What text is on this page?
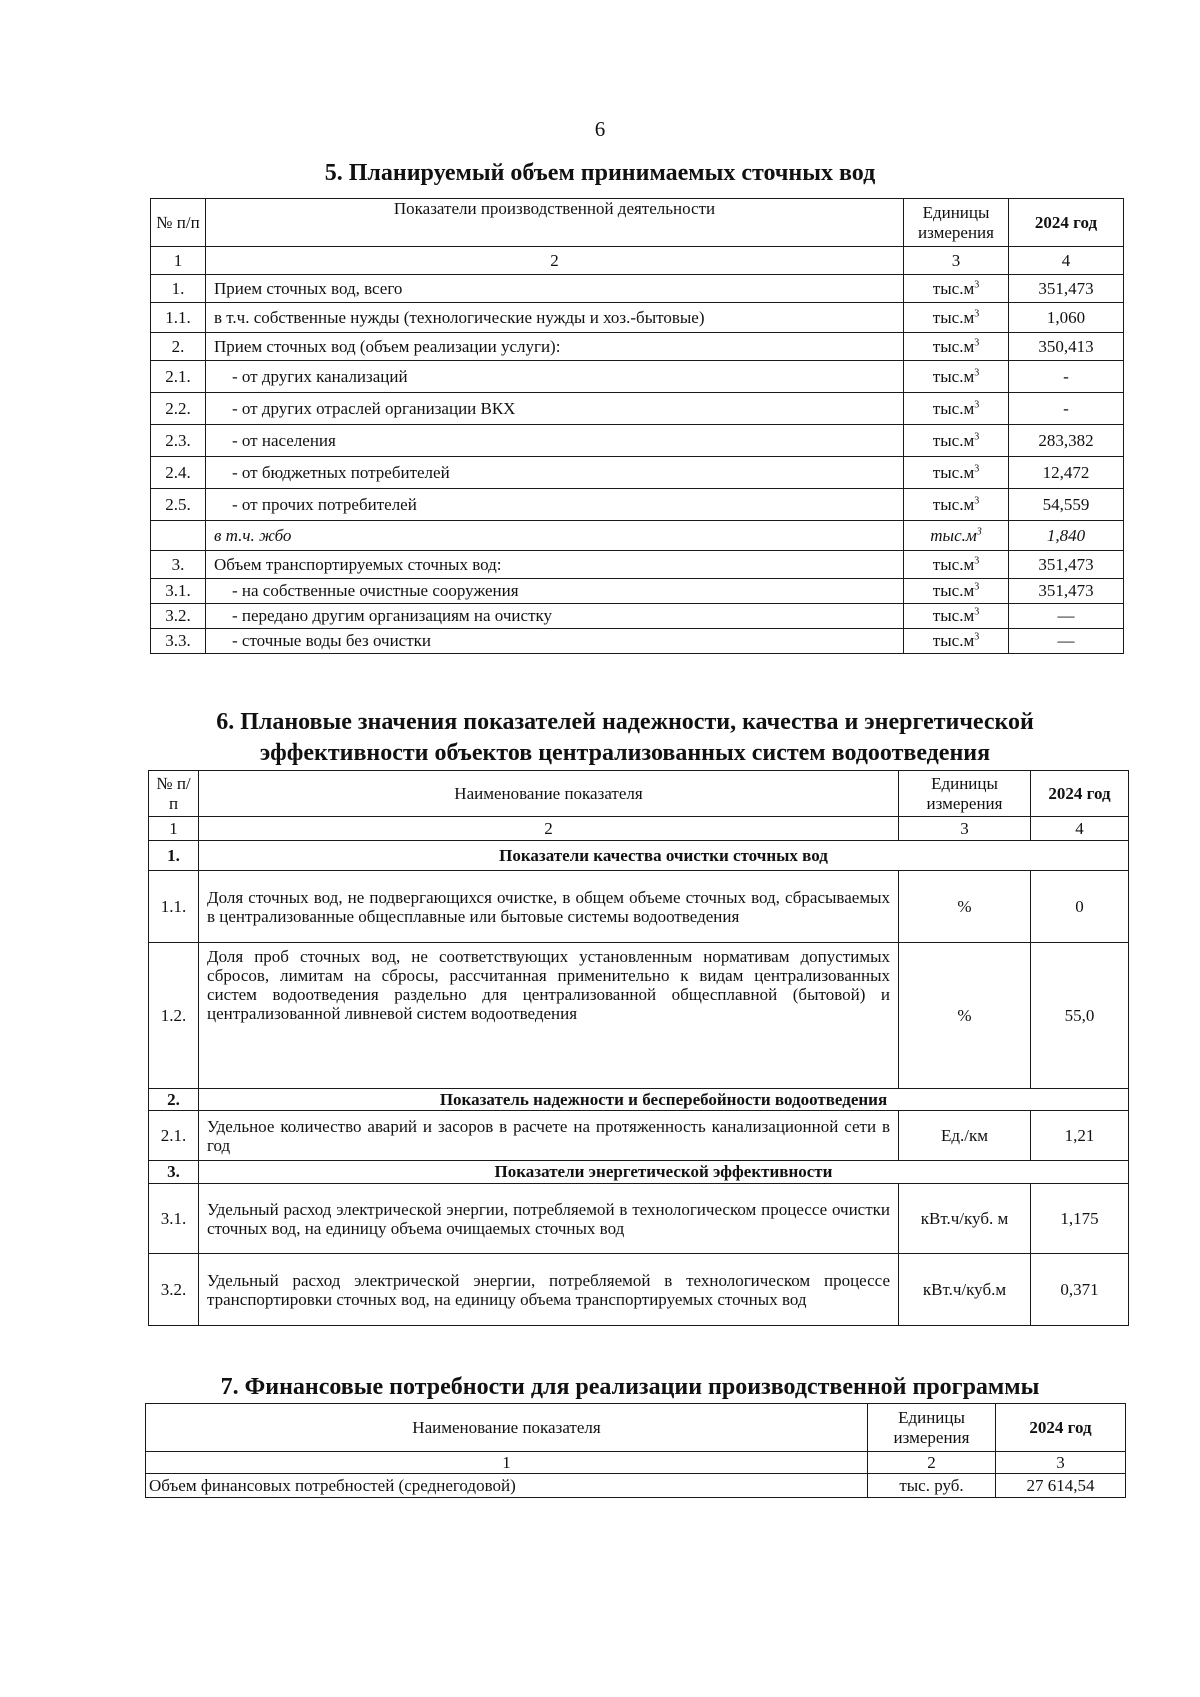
6
5. Планируемый объем принимаемых сточных вод
№ п/п	Показатели производственной деятельности	Единицы измерения	2024 год
1	2	3	4
1.	Прием сточных вод, всего	$тыс.м^3$	351,473
1.1.	в т.ч. собственные нужды (технологические нужды и хоз.-бытовые)	$тыс.м^3$	1,060
2.	Прием сточных вод (объем реализации услуги):	$тыс.м^3$	350,413
2.1.	- от других канализаций	$тыс.м^3$	-
2.2.	- от других отраслей организации ВКХ	$тыс.м^3$	-
2.3.	- от населения	$тыс.м^3$	283,382
2.4.	- от бюджетных потребителей	$тыс.м^3$	12,472
2.5.	- от прочих потребителей	$тыс.м^3$	54,559
	в т.ч. жбо	$тыс.м^3$	1,840
3.	Объем транспортируемых сточных вод:	$тыс.м^3$	351,473
3.1.	- на собственные очистные сооружения	$тыс.м^3$	351,473
3.2.	- передано другим организациям на очистку	$тыс.м^3$	—
3.3.	- сточные воды без очистки	$тыс.м^3$	—
6. Плановые значения показателей надежности, качества и энергетической
эффективности объектов централизованных систем водоотведения
№ п/п	Наименование показателя	Единицы измерения	2024 год
1	2	3	4
1.	Показатели качества очистки сточных вод		
1.1.	Доля сточных вод, не подвергающихся очистке, в общем объеме сточных вод, сбрасываемых в централизованные общесплавные или бытовые системы водоотведения	%	0
1.2.	Доля проб сточных вод, не соответствующих установленным нормативам допустимых сбросов, лимитам на сбросы, рассчитанная применительно к видам централизованных систем водоотведения раздельно для централизованной общесплавной (бытовой) и централизованной ливневой систем водоотведения	%	55,0
2.	Показатель надежности и бесперебойности водоотведения		
2.1.	Удельное количество аварий и засоров в расчете на протяженность канализационной сети в год	Ед./км	1,21
3.	Показатели энергетической эффективности		
3.1.	Удельный расход электрической энергии, потребляемой в технологическом процессе очистки сточных вод, на единицу объема очищаемых сточных вод	кВт.ч/куб. м	1,175
3.2.	Удельный расход электрической энергии, потребляемой в технологическом процессе транспортировки сточных вод, на единицу объема транспортируемых сточных вод	кВт.ч/куб.м	0,371
7. Финансовые потребности для реализации производственной программы
Наименование показателя	Единицы измерения	2024 год
1	2	3
Объем финансовых потребностей (среднегодовой)	тыс. руб.	27 614,54
